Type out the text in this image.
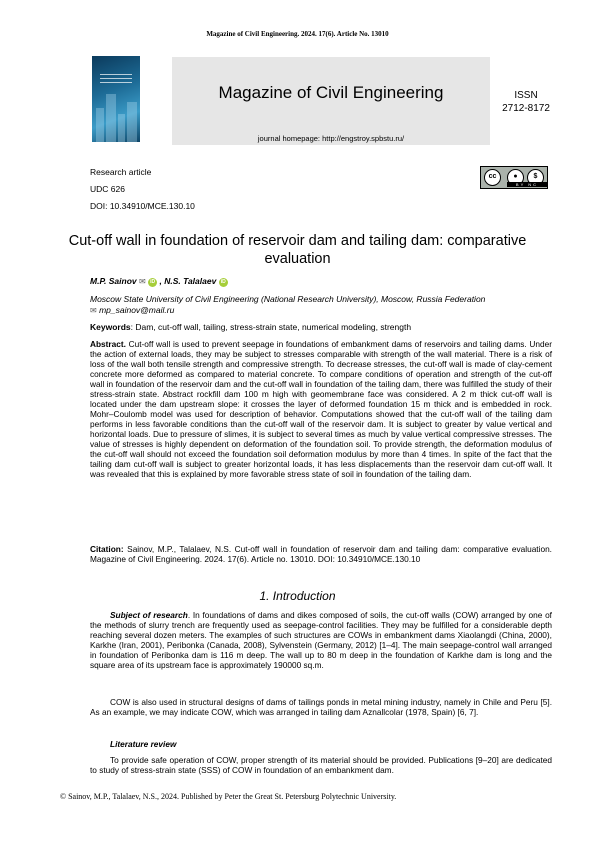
Magazine of Civil Engineering. 2024. 17(6). Article No. 13010
Magazine of Civil Engineering
journal homepage: http://engstroy.spbstu.ru/
ISSN
2712-8172
Research article
UDC 626
DOI: 10.34910/MCE.130.10
cc	●	$
BY NC
Cut-off wall in foundation of reservoir dam and tailing dam: comparative evaluation
M.P. Sainov ✉ iD , N.S. Talalaev iD
Moscow State University of Civil Engineering (National Research University), Moscow, Russia Federation
✉ mp_sainov@mail.ru
Keywords: Dam, cut-off wall, tailing, stress-strain state, numerical modeling, strength
Abstract. Cut-off wall is used to prevent seepage in foundations of embankment dams of reservoirs and tailing dams. Under the action of external loads, they may be subject to stresses comparable with strength of the wall material. There is a risk of loss of the wall both tensile strength and compressive strength. To decrease stresses, the cut-off wall is made of clay-cement concrete more deformed as compared to material concrete. To compare conditions of operation and strength of the cut-off wall in foundation of the reservoir dam and the cut-off wall in foundation of the tailing dam, there was fulfilled the study of their stress-strain state. Abstract rockfill dam 100 m high with geomembrane face was considered. A 2 m thick cut-off wall is located under the dam upstream slope: it crosses the layer of deformed foundation 15 m thick and is embedded in rock. Mohr–Coulomb model was used for description of behavior. Computations showed that the cut-off wall of the tailing dam performs in less favorable conditions than the cut-off wall of the reservoir dam. It is subject to greater by value vertical and horizontal loads. Due to pressure of slimes, it is subject to several times as much by value vertical compressive stresses. The value of stresses is highly dependent on deformation of the foundation soil. To provide strength, the deformation modulus of the cut-off wall should not exceed the foundation soil deformation modulus by more than 4 times. In spite of the fact that the tailing dam cut-off wall is subject to greater horizontal loads, it has less displacements than the reservoir dam cut-off wall. It was revealed that this is explained by more favorable stress state of soil in foundation of the tailing dam.
Citation: Sainov, M.P., Talalaev, N.S. Cut-off wall in foundation of reservoir dam and tailing dam: comparative evaluation. Magazine of Civil Engineering. 2024. 17(6). Article no. 13010. DOI: 10.34910/MCE.130.10
1. Introduction
Subject of research. In foundations of dams and dikes composed of soils, the cut-off walls (COW) arranged by one of the methods of slurry trench are frequently used as seepage-control facilities. They may be fulfilled for a considerable depth reaching several dozen meters. The examples of such structures are COWs in embankment dams Xiaolangdi (China, 2000), Karkhe (Iran, 2001), Peribonka (Canada, 2008), Sylvenstein (Germany, 2012) [1–4]. The main seepage-control wall arranged in foundation of Peribonka dam is 116 m deep. The wall up to 80 m deep in the foundation of Karkhe dam is long and the square area of its upstream face is approximately 190000 sq.m.
COW is also used in structural designs of dams of tailings ponds in metal mining industry, namely in Chile and Peru [5]. As an example, we may indicate COW, which was arranged in tailing dam Aznallcolar (1978, Spain) [6, 7].
Literature review
To provide safe operation of COW, proper strength of its material should be provided. Publications [9–20] are dedicated to study of stress-strain state (SSS) of COW in foundation of an embankment dam.
© Sainov, M.P., Talalaev, N.S., 2024. Published by Peter the Great St. Petersburg Polytechnic University.
